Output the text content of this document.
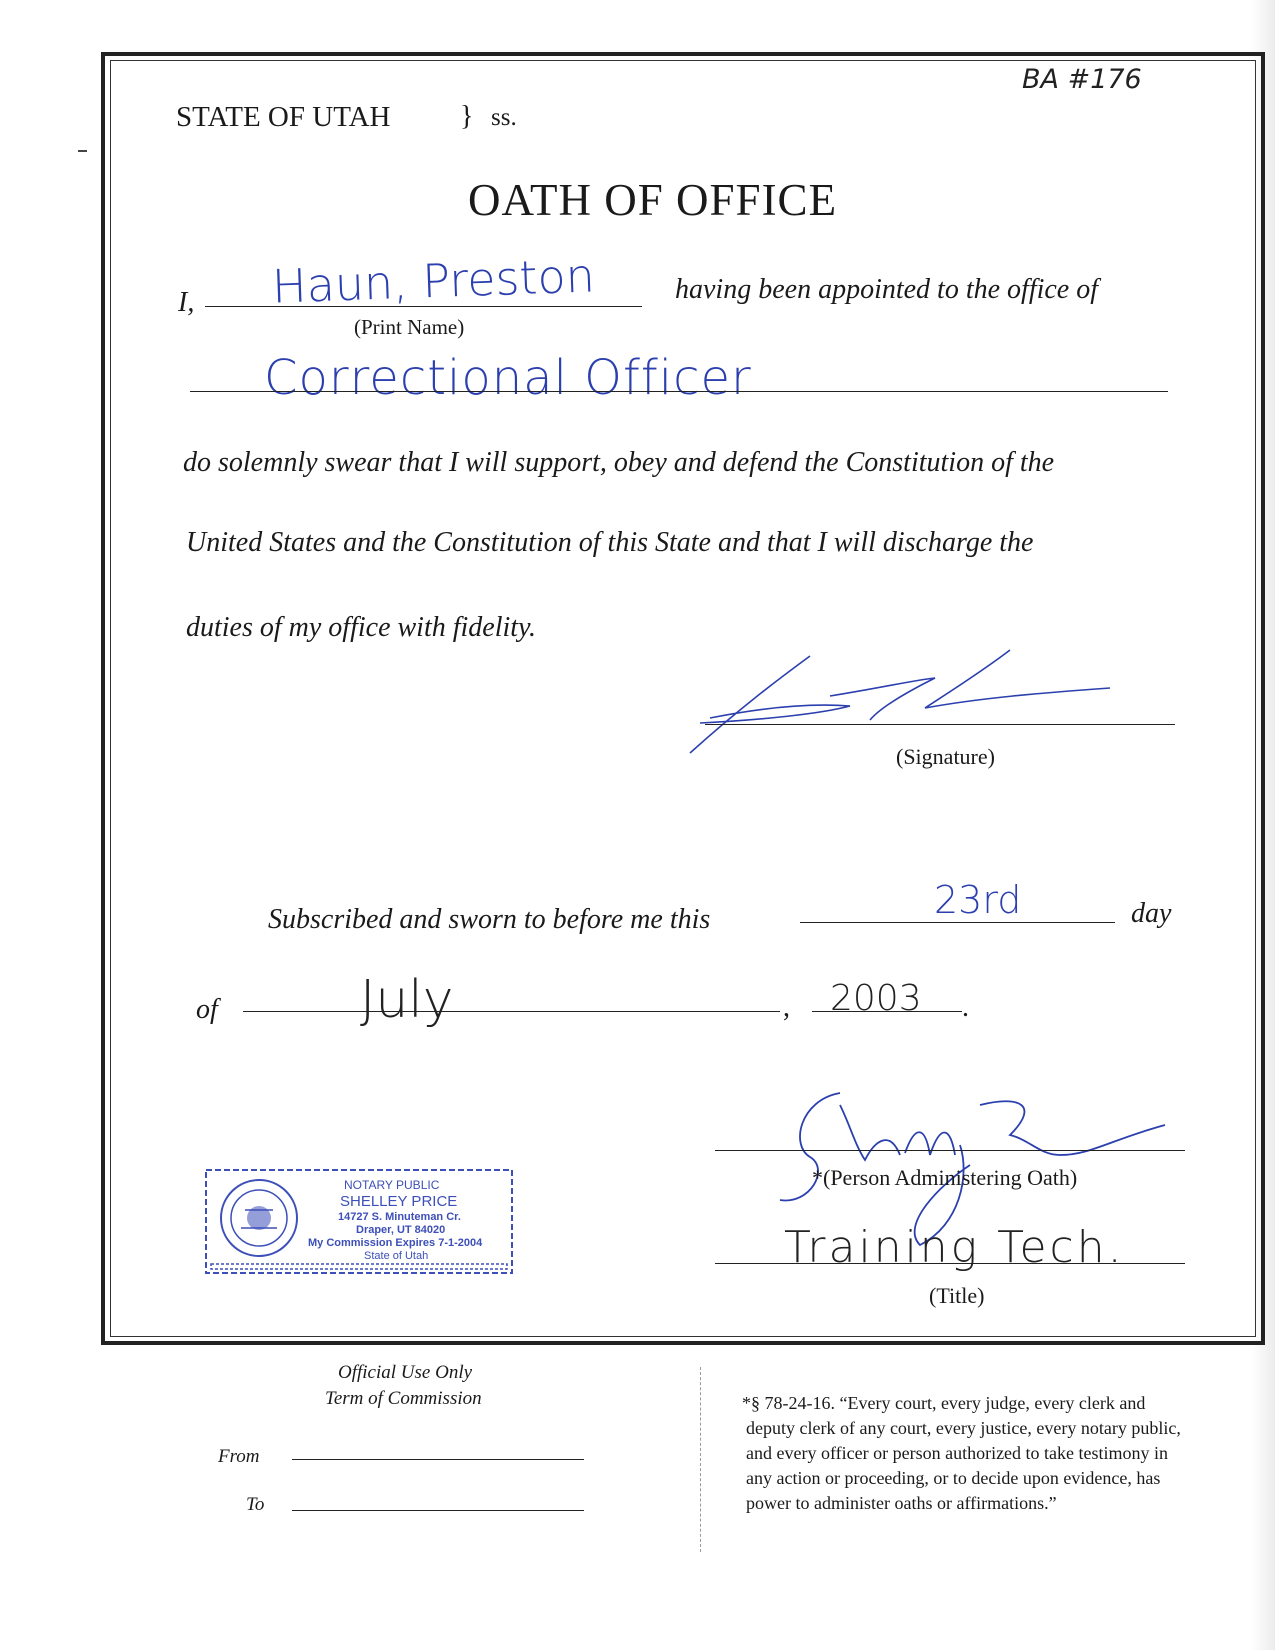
STATE OF UTAH } ss.
BA #176
OATH OF OFFICE
I, Haun, Preston
(Print Name)
having been appointed to the office of
Correctional Officer
do solemnly swear that I will support, obey and defend the Constitution of the
United States and the Constitution of this State and that I will discharge the
duties of my office with fidelity.
(Signature)
Subscribed and sworn to before me this	23rd	day
of	July	, 2003 .
*(Person Administering Oath)
Training Tech.
(Title)
NOTARY PUBLIC
SHELLEY PRICE
14727 S. Minuteman Cr.
Draper, UT 84020
My Commission Expires 7-1-2004
State of Utah
Official Use Only
Term of Commission
From
To
*§ 78-24-16. “Every court, every judge, every clerk and
deputy clerk of any court, every justice, every notary public,
and every officer or person authorized to take testimony in
any action or proceeding, or to decide upon evidence, has
power to administer oaths or affirmations.”
